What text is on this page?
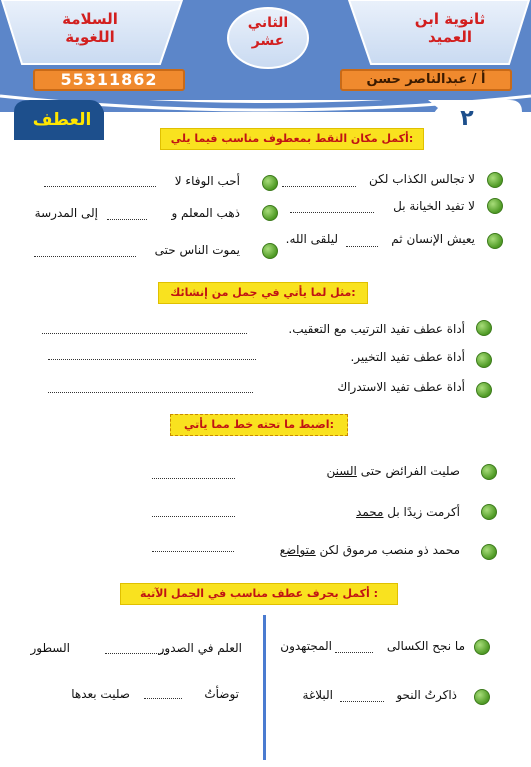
ثانوية ابن
العميد
الثاني
عشر
السلامة
اللغوية
55311862	أ / عبدالناصر حسن
العطف	٢
أكمل مكان النقط بمعطوف مناسب فيما يلي:
لا تجالس الكذاب لكن
لا تفيد الخيانة بل
يعيش الإنسان ثم
ليلقى الله.
أحب الوفاء لا
ذهب المعلم و
إلى المدرسة
يموت الناس حتى
مثل لما يأتي في جمل من إنشائك:
أداة عطف تفيد الترتيب مع التعقيب.
أداة عطف تفيد التخيير.
أداة عطف تفيد الاستدراك
اضبط ما تحته خط مما يأتي:
صليت الفرائض حتى السنن
أكرمت زيدًا بل محمد
محمد ذو منصب مرموق لكن متواضع
أكمل بحرف عطف مناسب في الجمل الآتية :
ما نجح الكسالى
المجتهدون
ذاكرتُ النحو
البلاغة
العلم في الصدور
السطور
توضأتُ
صليت بعدها
